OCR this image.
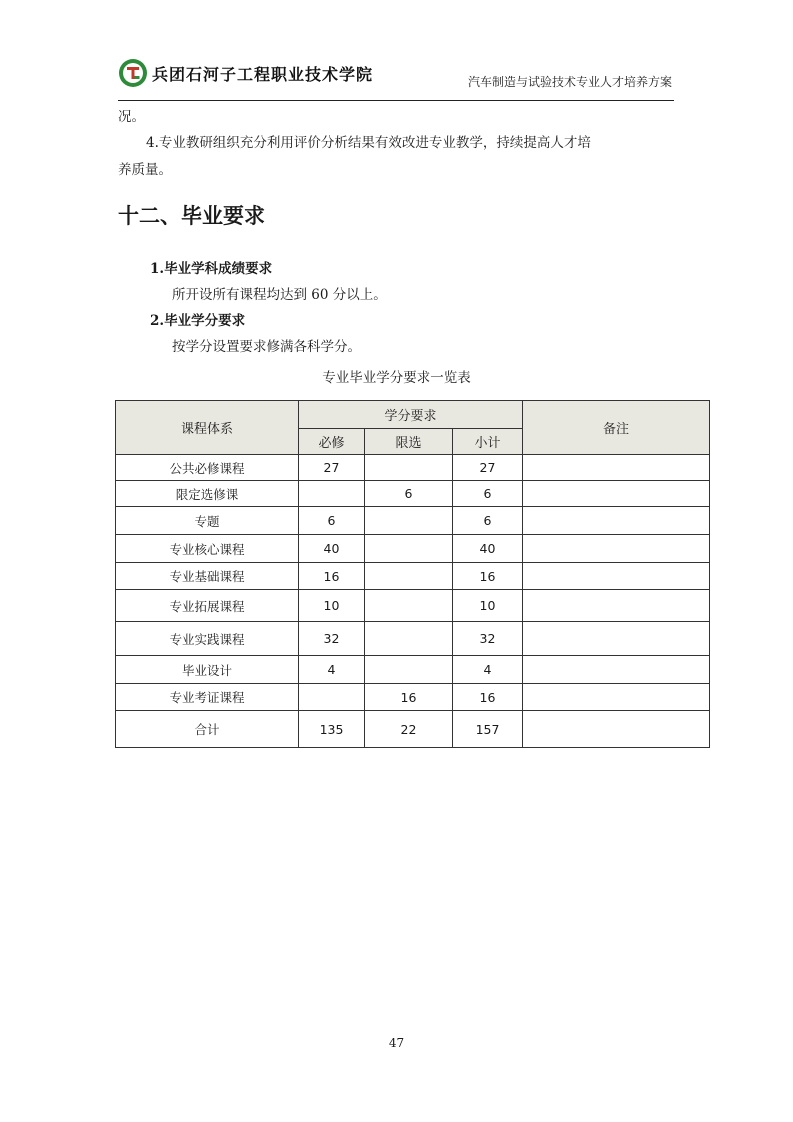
兵团石河子工程职业技术学院	汽车制造与试验技术专业人才培养方案
况。
4.专业教研组织充分利用评价分析结果有效改进专业教学，持续提高人才培
养质量。
十二、毕业要求
1.毕业学科成绩要求
所开设所有课程均达到 60 分以上。
2.毕业学分要求
按学分设置要求修满各科学分。
专业毕业学分要求一览表
课程体系	学分要求			备注
	必修	限选	小计	
公共必修课程	27		27	
限定选修课		6	6	
专题	6		6	
专业核心课程	40		40	
专业基础课程	16		16	
专业拓展课程	10		10	
专业实践课程	32		32	
毕业设计	4		4	
专业考证课程		16	16	
合计	135	22	157	
47
